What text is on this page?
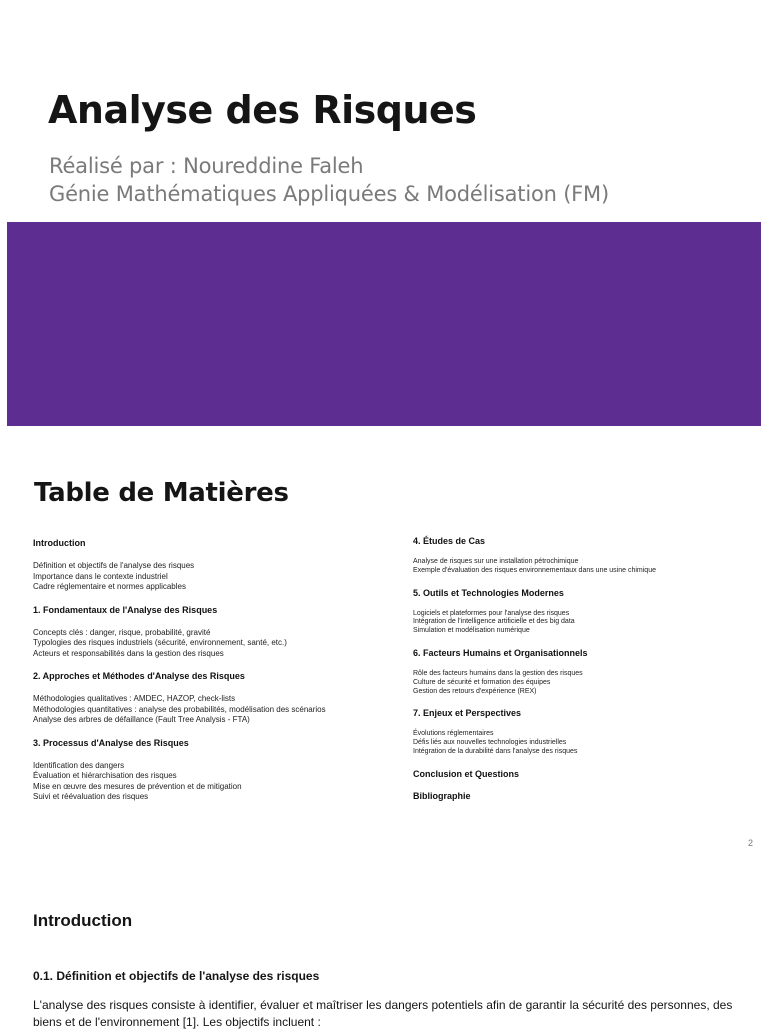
Analyse des Risques
Réalisé par : Noureddine Faleh
Génie Mathématiques Appliquées & Modélisation (FM)
Table de Matières
Introduction
Définition et objectifs de l'analyse des risques
Importance dans le contexte industriel
Cadre réglementaire et normes applicables
1. Fondamentaux de l'Analyse des Risques
Concepts clés : danger, risque, probabilité, gravité
Typologies des risques industriels (sécurité, environnement, santé, etc.)
Acteurs et responsabilités dans la gestion des risques
2. Approches et Méthodes d'Analyse des Risques
Méthodologies qualitatives : AMDEC, HAZOP, check-lists
Méthodologies quantitatives : analyse des probabilités, modélisation des scénarios
Analyse des arbres de défaillance (Fault Tree Analysis - FTA)
3. Processus d'Analyse des Risques
Identification des dangers
Évaluation et hiérarchisation des risques
Mise en œuvre des mesures de prévention et de mitigation
Suivi et réévaluation des risques
4. Études de Cas
Analyse de risques sur une installation pétrochimique
Exemple d'évaluation des risques environnementaux dans une usine chimique
5. Outils et Technologies Modernes
Logiciels et plateformes pour l'analyse des risques
Intégration de l'intelligence artificielle et des big data
Simulation et modélisation numérique
6. Facteurs Humains et Organisationnels
Rôle des facteurs humains dans la gestion des risques
Culture de sécurité et formation des équipes
Gestion des retours d'expérience (REX)
7. Enjeux et Perspectives
Évolutions réglementaires
Défis liés aux nouvelles technologies industrielles
Intégration de la durabilité dans l'analyse des risques
Conclusion et Questions
Bibliographie
2
Introduction
0.1. Définition et objectifs de l'analyse des risques

L'analyse des risques consiste à identifier, évaluer et maîtriser les dangers potentiels afin de garantir la sécurité des personnes, des biens et de l'environnement [1]. Les objectifs incluent :
